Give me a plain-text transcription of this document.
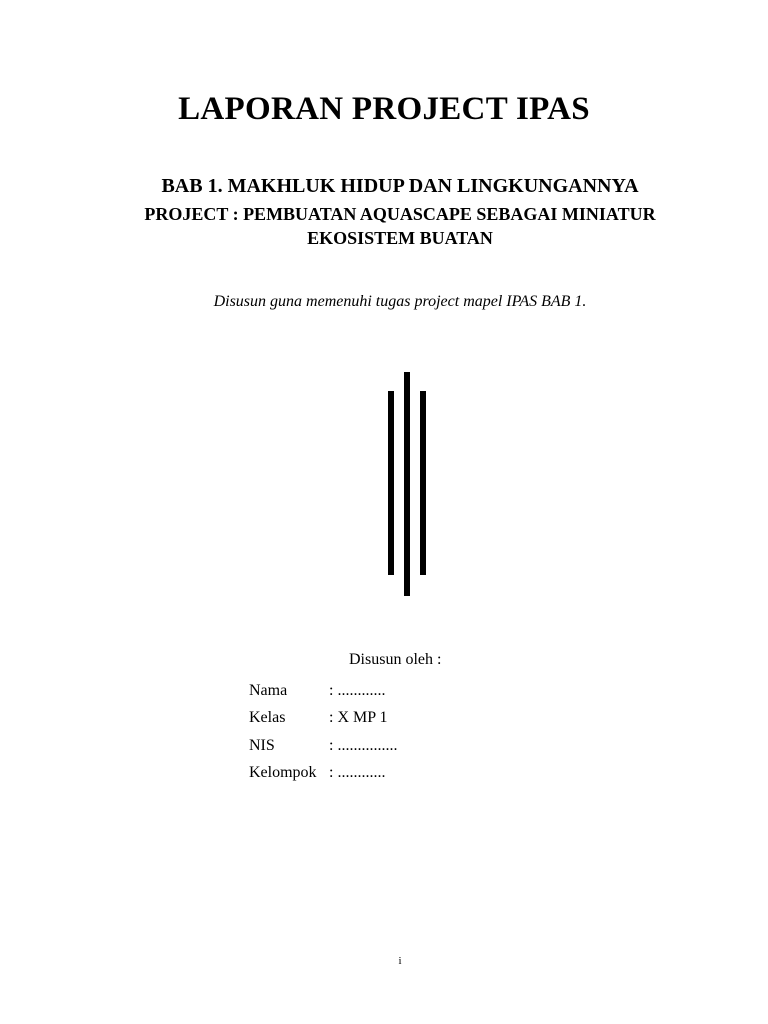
LAPORAN PROJECT IPAS
BAB 1. MAKHLUK HIDUP DAN LINGKUNGANNYA
PROJECT : PEMBUATAN AQUASCAPE SEBAGAI MINIATUR
EKOSISTEM BUATAN

Disusun guna memenuhi tugas project mapel IPAS BAB 1.

Disusun oleh :

Nama	: ............
Kelas	: X MP 1
NIS	: ...............
Kelompok	: ............

i
